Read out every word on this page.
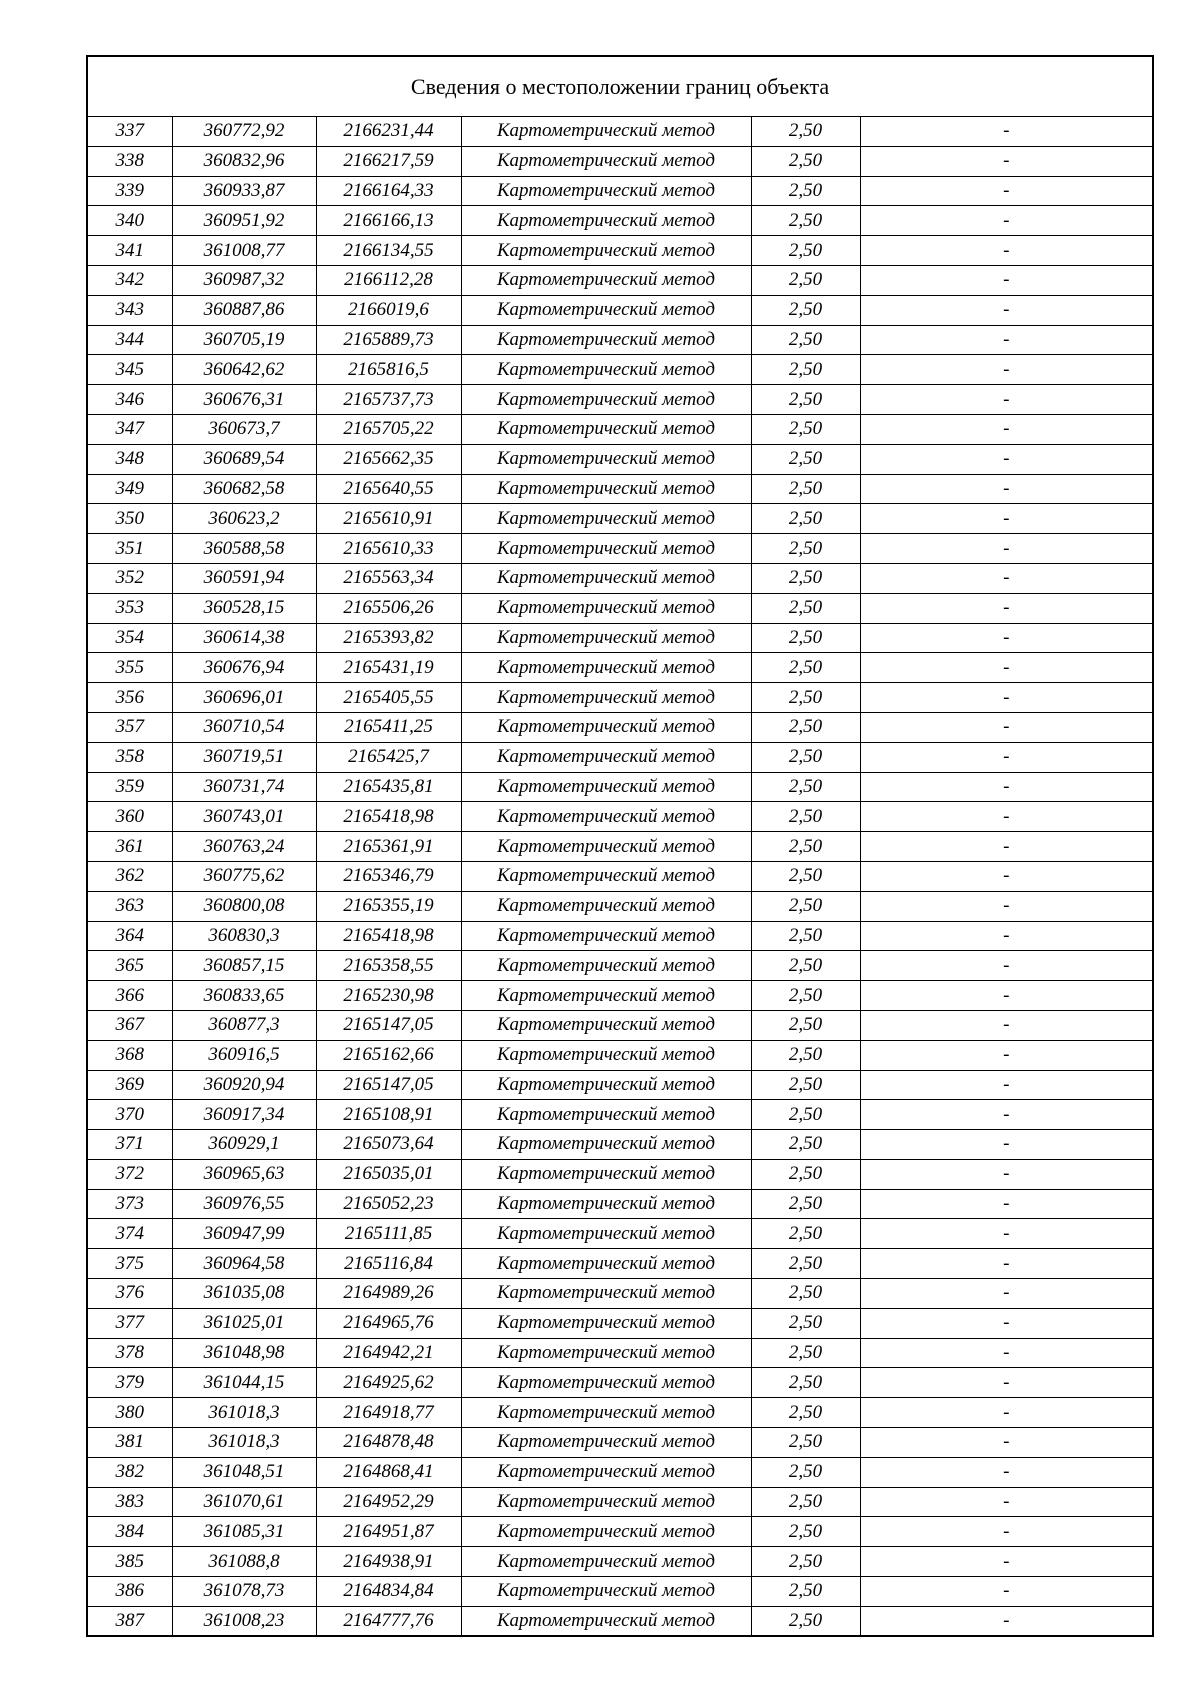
Сведения о местоположении границ объекта					
337	360772,92	2166231,44	Картометрический метод	2,50	-
338	360832,96	2166217,59	Картометрический метод	2,50	-
339	360933,87	2166164,33	Картометрический метод	2,50	-
340	360951,92	2166166,13	Картометрический метод	2,50	-
341	361008,77	2166134,55	Картометрический метод	2,50	-
342	360987,32	2166112,28	Картометрический метод	2,50	-
343	360887,86	2166019,6	Картометрический метод	2,50	-
344	360705,19	2165889,73	Картометрический метод	2,50	-
345	360642,62	2165816,5	Картометрический метод	2,50	-
346	360676,31	2165737,73	Картометрический метод	2,50	-
347	360673,7	2165705,22	Картометрический метод	2,50	-
348	360689,54	2165662,35	Картометрический метод	2,50	-
349	360682,58	2165640,55	Картометрический метод	2,50	-
350	360623,2	2165610,91	Картометрический метод	2,50	-
351	360588,58	2165610,33	Картометрический метод	2,50	-
352	360591,94	2165563,34	Картометрический метод	2,50	-
353	360528,15	2165506,26	Картометрический метод	2,50	-
354	360614,38	2165393,82	Картометрический метод	2,50	-
355	360676,94	2165431,19	Картометрический метод	2,50	-
356	360696,01	2165405,55	Картометрический метод	2,50	-
357	360710,54	2165411,25	Картометрический метод	2,50	-
358	360719,51	2165425,7	Картометрический метод	2,50	-
359	360731,74	2165435,81	Картометрический метод	2,50	-
360	360743,01	2165418,98	Картометрический метод	2,50	-
361	360763,24	2165361,91	Картометрический метод	2,50	-
362	360775,62	2165346,79	Картометрический метод	2,50	-
363	360800,08	2165355,19	Картометрический метод	2,50	-
364	360830,3	2165418,98	Картометрический метод	2,50	-
365	360857,15	2165358,55	Картометрический метод	2,50	-
366	360833,65	2165230,98	Картометрический метод	2,50	-
367	360877,3	2165147,05	Картометрический метод	2,50	-
368	360916,5	2165162,66	Картометрический метод	2,50	-
369	360920,94	2165147,05	Картометрический метод	2,50	-
370	360917,34	2165108,91	Картометрический метод	2,50	-
371	360929,1	2165073,64	Картометрический метод	2,50	-
372	360965,63	2165035,01	Картометрический метод	2,50	-
373	360976,55	2165052,23	Картометрический метод	2,50	-
374	360947,99	2165111,85	Картометрический метод	2,50	-
375	360964,58	2165116,84	Картометрический метод	2,50	-
376	361035,08	2164989,26	Картометрический метод	2,50	-
377	361025,01	2164965,76	Картометрический метод	2,50	-
378	361048,98	2164942,21	Картометрический метод	2,50	-
379	361044,15	2164925,62	Картометрический метод	2,50	-
380	361018,3	2164918,77	Картометрический метод	2,50	-
381	361018,3	2164878,48	Картометрический метод	2,50	-
382	361048,51	2164868,41	Картометрический метод	2,50	-
383	361070,61	2164952,29	Картометрический метод	2,50	-
384	361085,31	2164951,87	Картометрический метод	2,50	-
385	361088,8	2164938,91	Картометрический метод	2,50	-
386	361078,73	2164834,84	Картометрический метод	2,50	-
387	361008,23	2164777,76	Картометрический метод	2,50	-
